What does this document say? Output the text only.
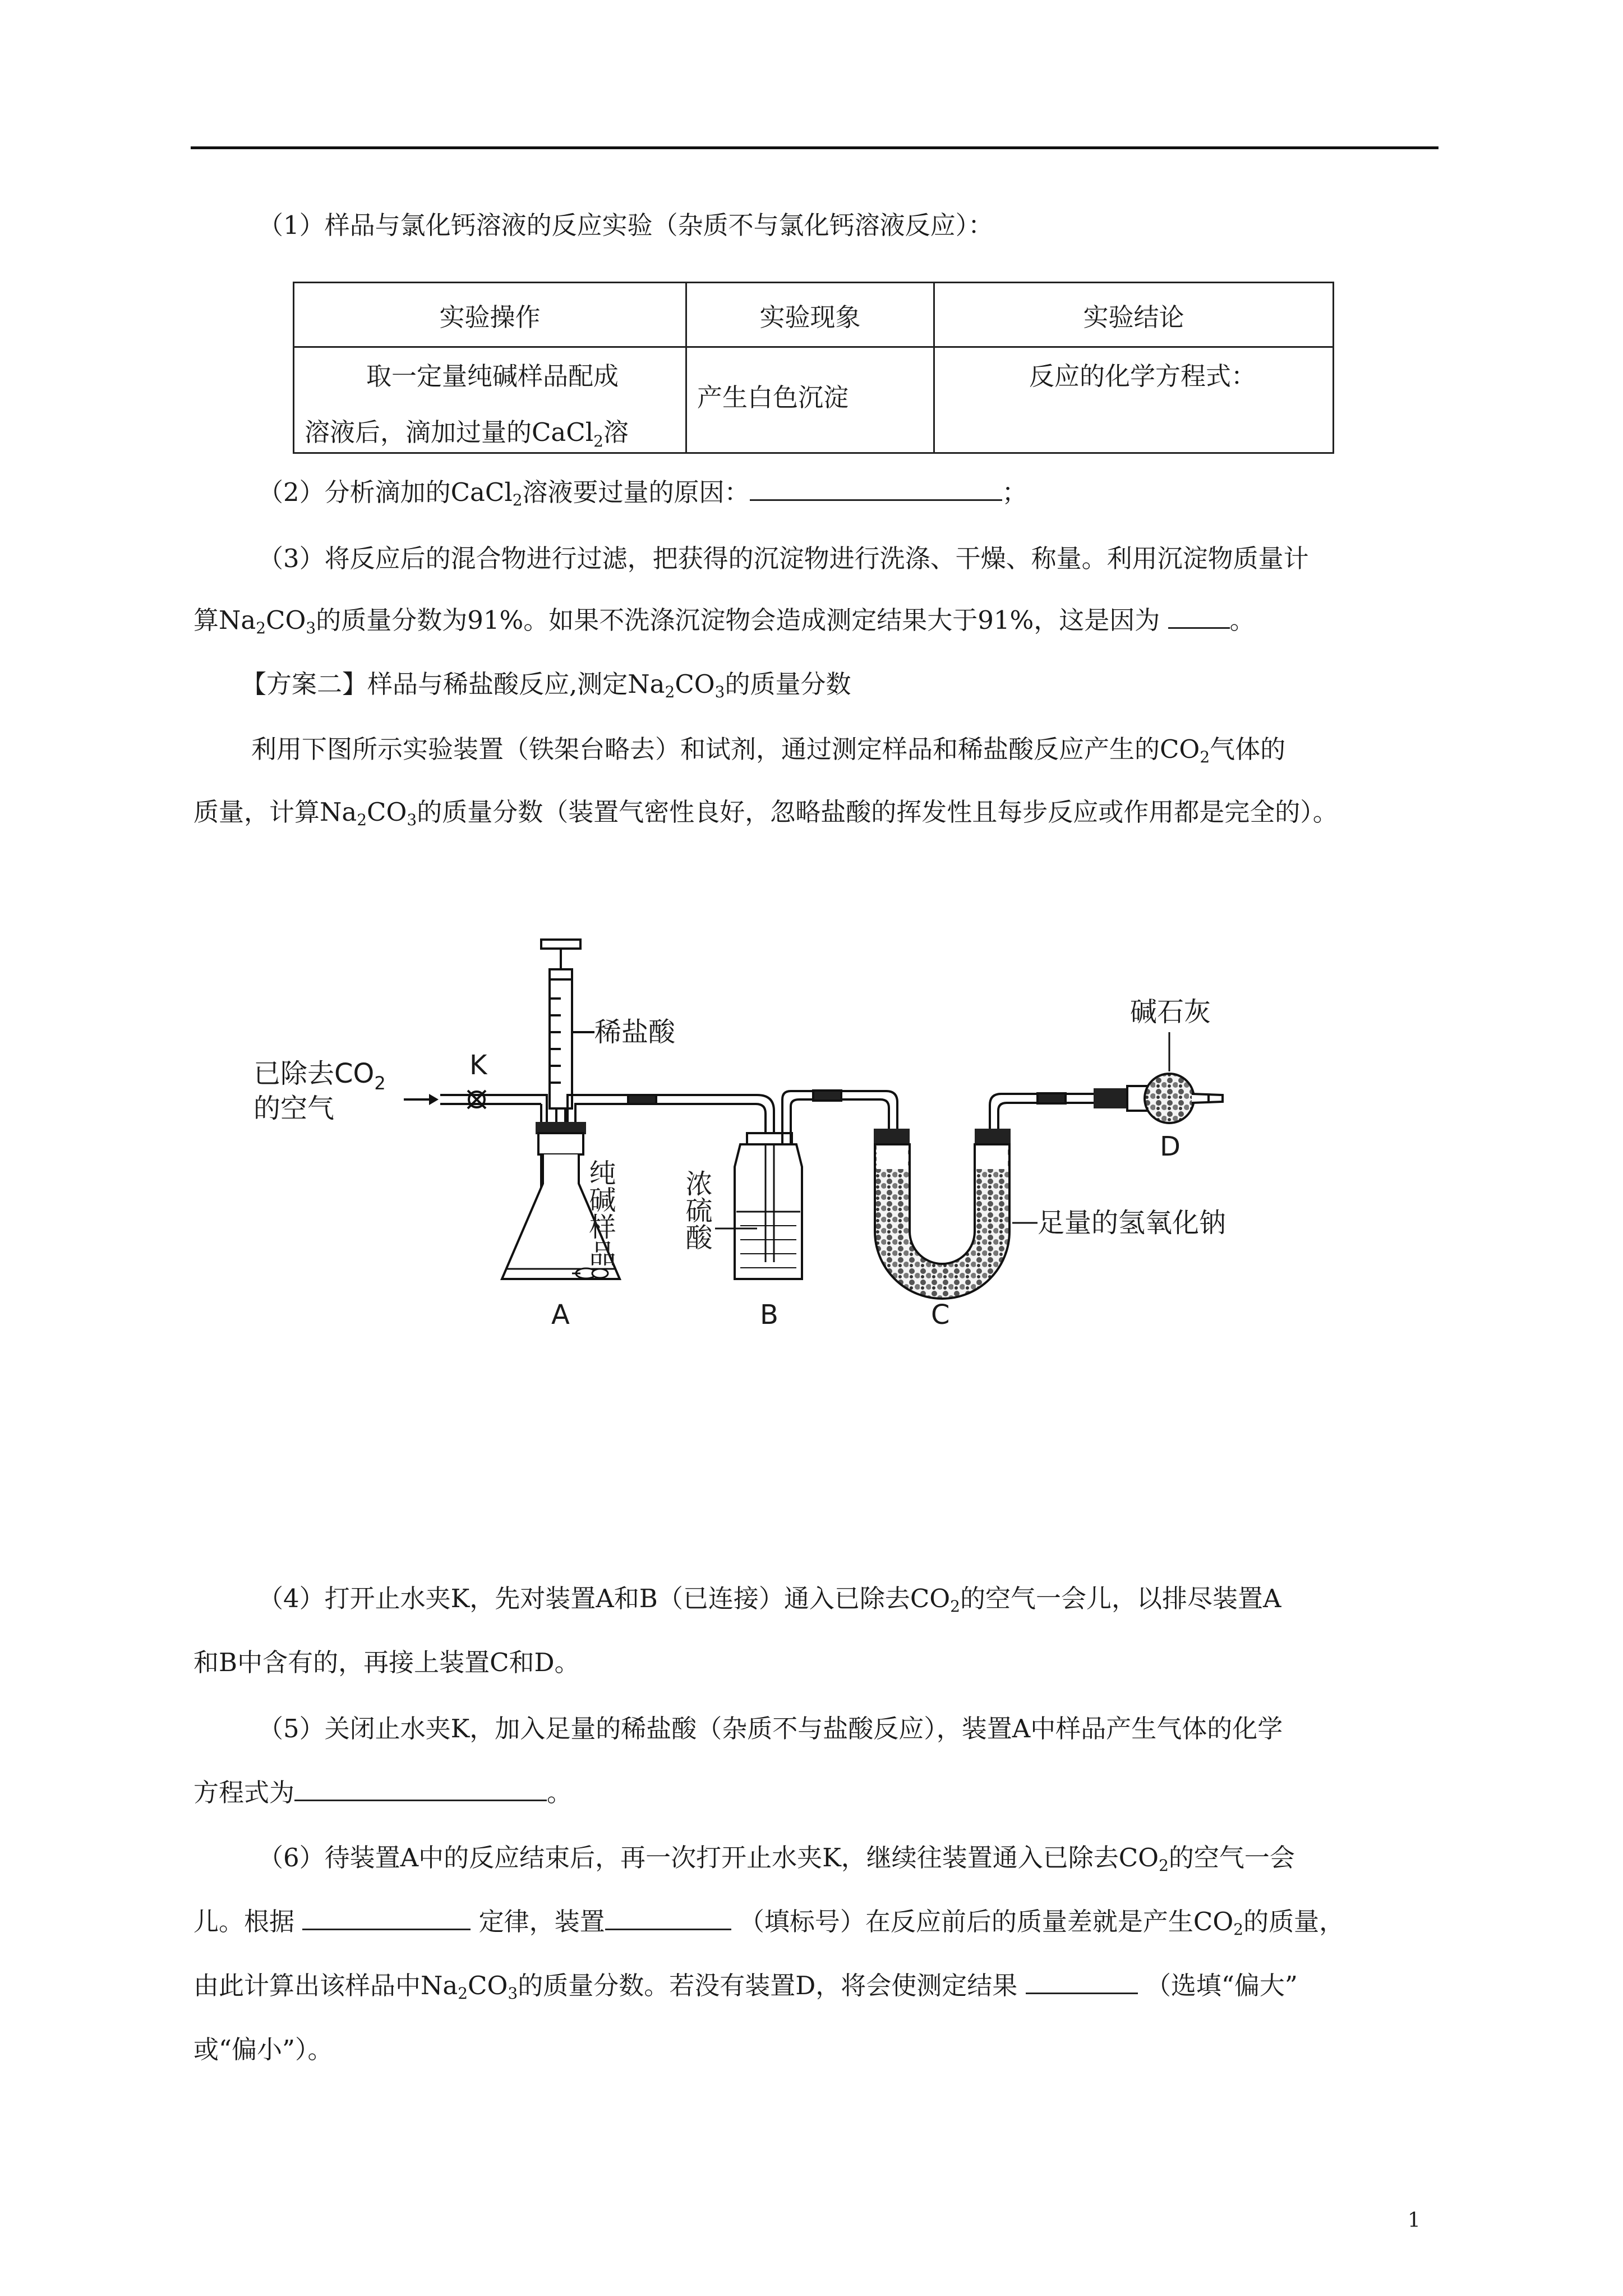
（1）样品与氯化钙溶液的反应实验（杂质不与氯化钙溶液反应）：
实验操作	实验现象	实验结论

取一定量纯碱样品配成
溶液后，滴加过量的CaCl$_2$溶	产生白色沉淀	反应的化学方程式：
（2）分析滴加的CaCl$_2$溶液要过量的原因：	；
（3）将反应后的混合物进行过滤，把获得的沉淀物进行洗涤、干燥、称量。利用沉淀物质量计
算$Na_2CO_3$的质量分数为91%。如果不洗涤沉淀物会造成测定结果大于91%，这是因为 。
【方案二】样品与稀盐酸反应,测定$Na_2CO_3$的质量分数
利用下图所示实验装置（铁架台略去）和试剂，通过测定样品和稀盐酸反应产生的$CO_2$气体的
质量，计算$Na_2CO_3$的质量分数（装置气密性良好，忽略盐酸的挥发性且每步反应或作用都是完全的）。
已除去$CO_2$
的空气
K
稀盐酸
纯碱样品 浓硫酸	足量的氢氧化钠
碱石灰
A	B	C
D
（4）打开止水夹K，先对装置A和B（已连接）通入已除去$CO_2$的空气一会儿，以排尽装置A
和B中含有的，再接上装置C和D。
（5）关闭止水夹K，加入足量的稀盐酸（杂质不与盐酸反应），装置A中样品产生气体的化学
方程式为	。
（6）待装置A中的反应结束后，再一次打开止水夹K，继续往装置通入已除去$CO_2$的空气一会
儿。根据	定律，装置	（填标号）在反应前后的质量差就是产生$CO_2$的质量，
由此计算出该样品中$Na_2CO_3$的质量分数。若没有装置D，将会使测定结果	（选填“偏大”
或“偏小”）。
1
